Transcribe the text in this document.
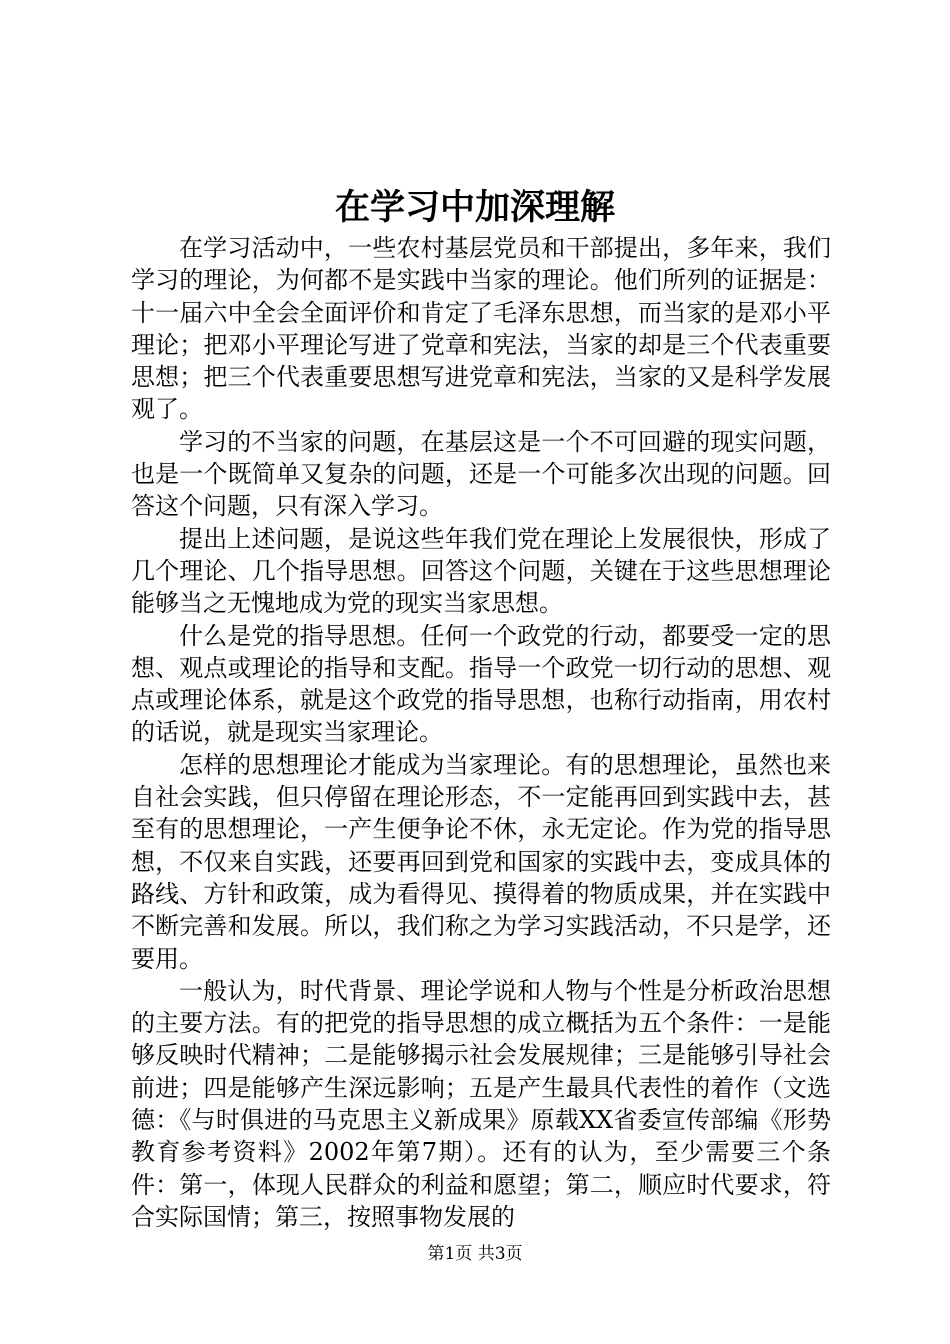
在学习中加深理解

在学习活动中，一些农村基层党员和干部提出，多年来，我们学习的理论，为何都不是实践中当家的理论。他们所列的证据是：十一届六中全会全面评价和肯定了毛泽东思想，而当家的是邓小平理论；把邓小平理论写进了党章和宪法，当家的却是三个代表重要思想；把三个代表重要思想写进党章和宪法，当家的又是科学发展观了。

学习的不当家的问题，在基层这是一个不可回避的现实问题，也是一个既简单又复杂的问题，还是一个可能多次出现的问题。回答这个问题，只有深入学习。

提出上述问题，是说这些年我们党在理论上发展很快，形成了几个理论、几个指导思想。回答这个问题，关键在于这些思想理论能够当之无愧地成为党的现实当家思想。

什么是党的指导思想。任何一个政党的行动，都要受一定的思想、观点或理论的指导和支配。指导一个政党一切行动的思想、观点或理论体系，就是这个政党的指导思想，也称行动指南，用农村的话说，就是现实当家理论。

怎样的思想理论才能成为当家理论。有的思想理论，虽然也来自社会实践，但只停留在理论形态，不一定能再回到实践中去，甚至有的思想理论，一产生便争论不休，永无定论。作为党的指导思想，不仅来自实践，还要再回到党和国家的实践中去，变成具体的路线、方针和政策，成为看得见、摸得着的物质成果，并在实践中不断完善和发展。所以，我们称之为学习实践活动，不只是学，还要用。

一般认为，时代背景、理论学说和人物与个性是分析政治思想的主要方法。有的把党的指导思想的成立概括为五个条件：一是能够反映时代精神；二是能够揭示社会发展规律；三是能够引导社会前进；四是能够产生深远影响；五是产生最具代表性的着作（文选德：《与时俱进的马克思主义新成果》原载XX省委宣传部编《形势教育参考资料》2002年第7期）。还有的认为，至少需要三个条件：第一，体现人民群众的利益和愿望；第二，顺应时代要求，符合实际国情；第三，按照事物发展的

第1页 共3页
